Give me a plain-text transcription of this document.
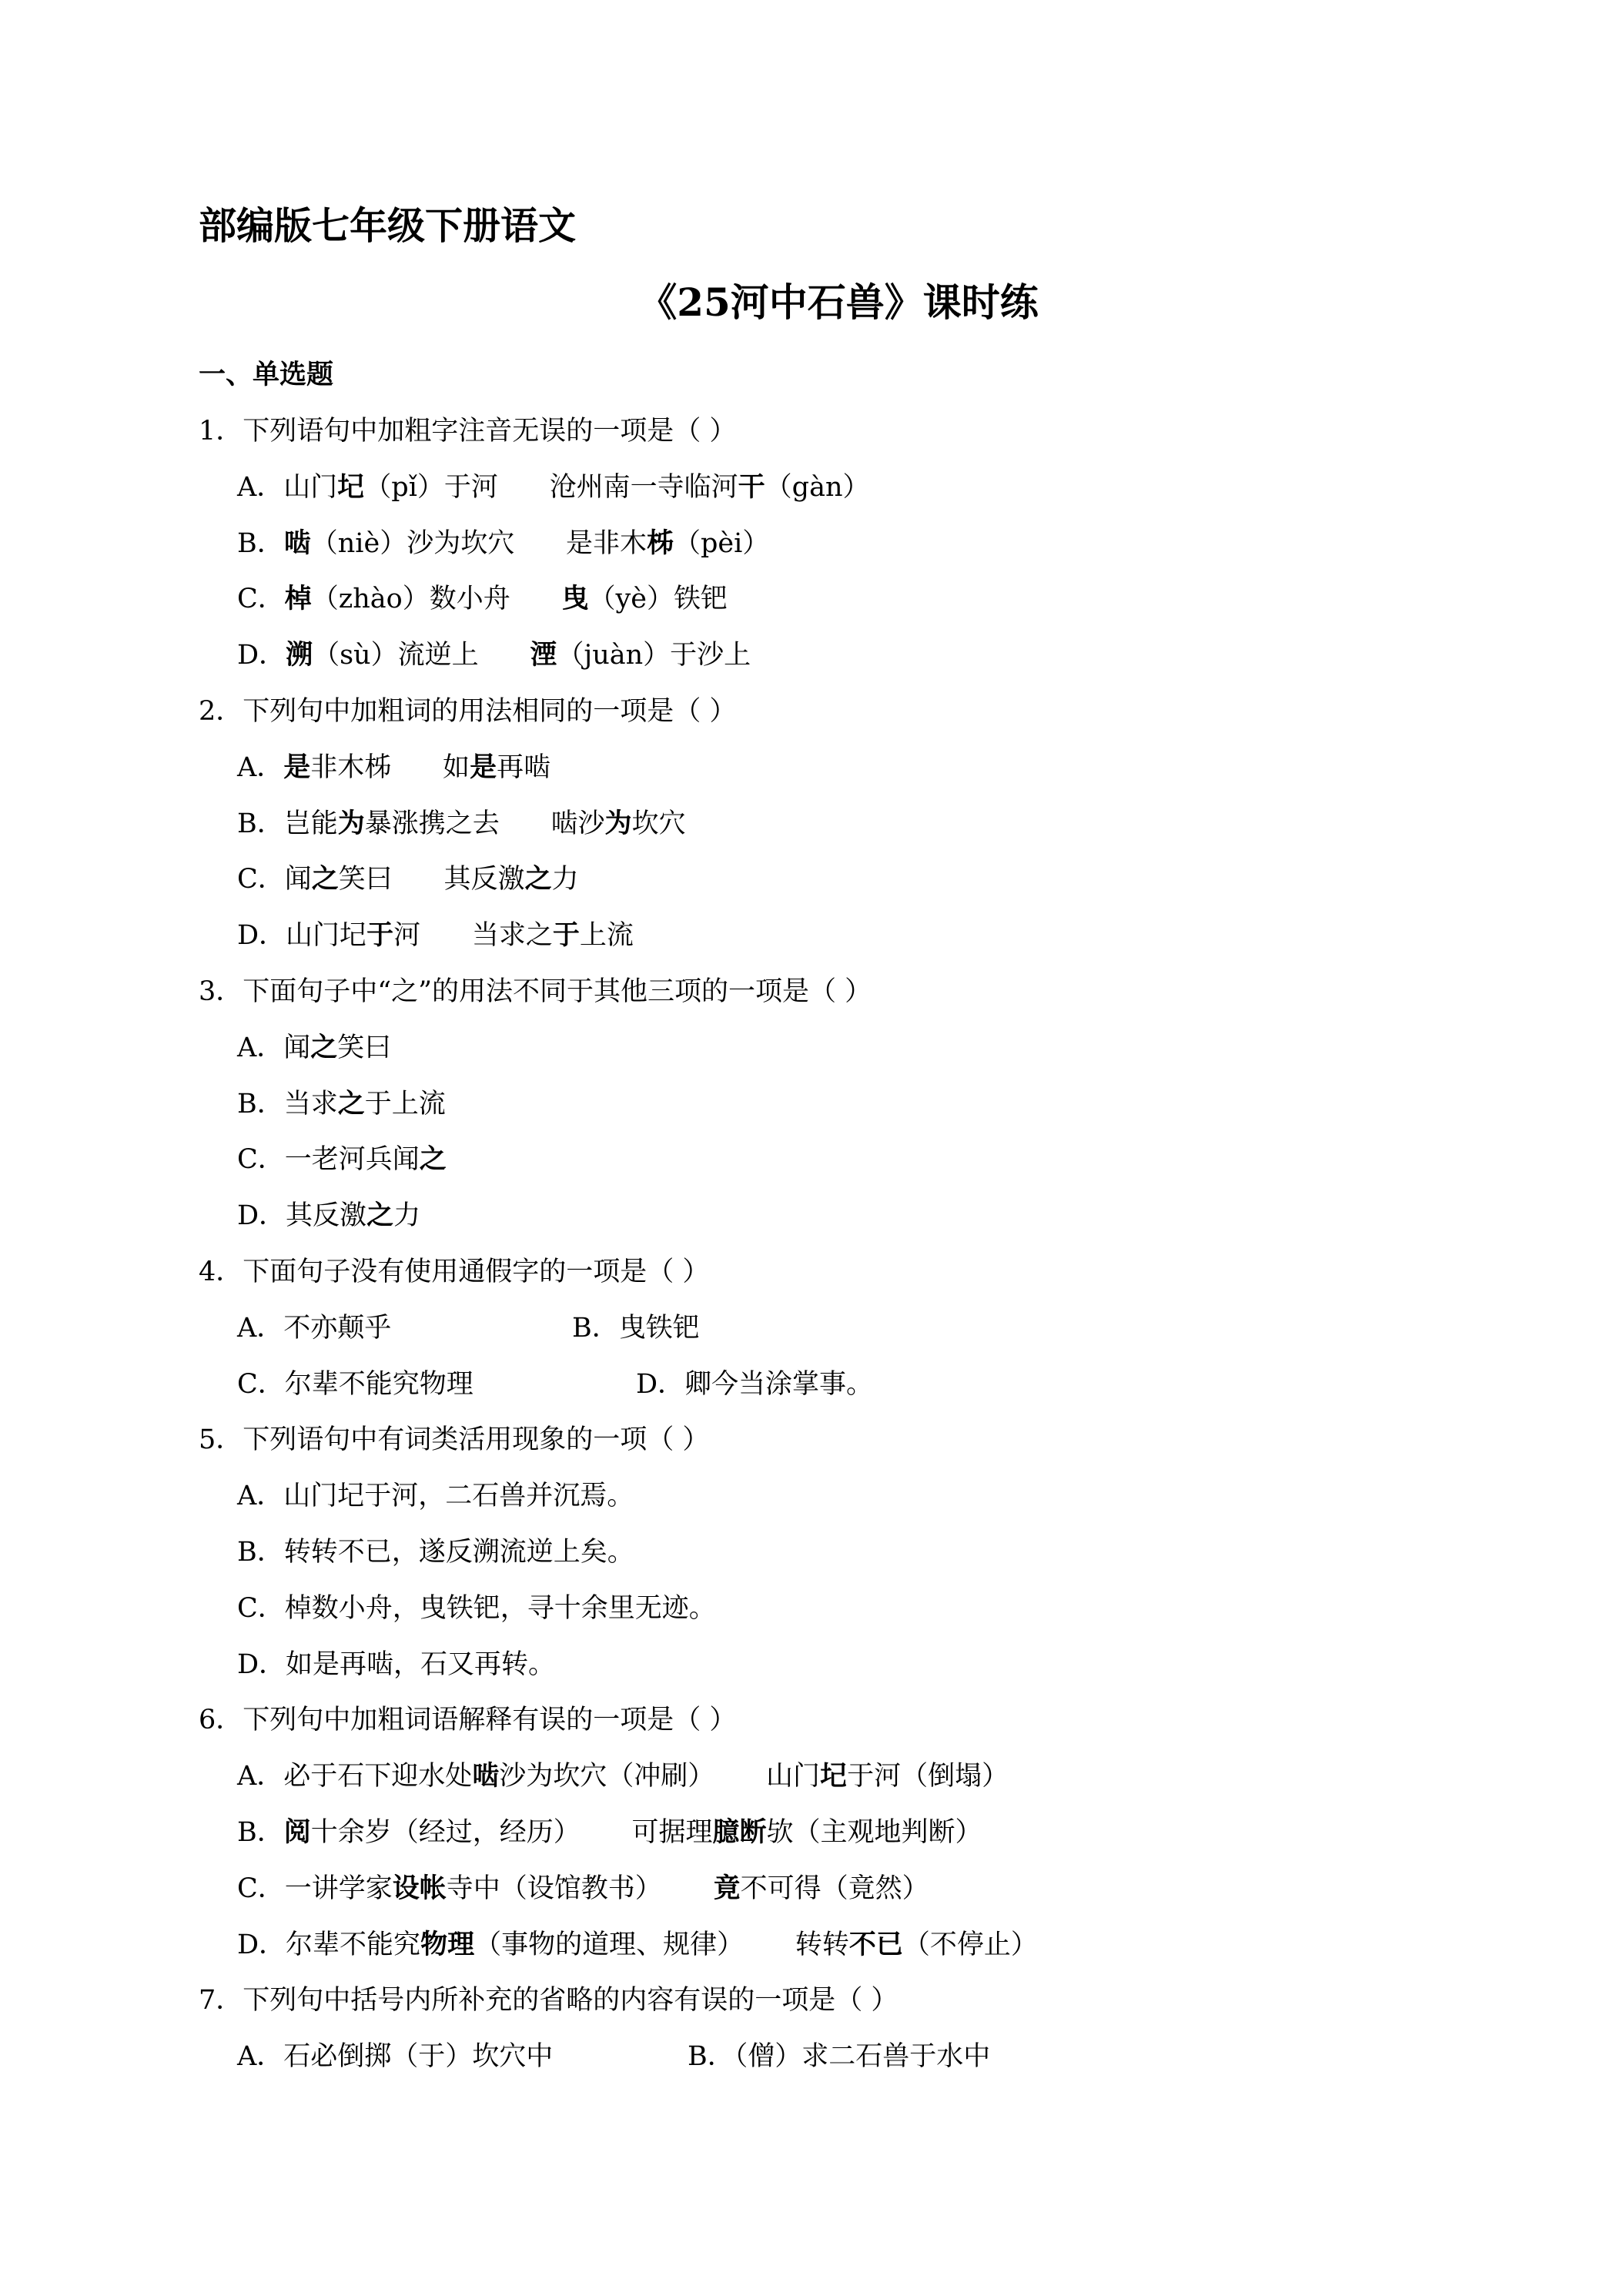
部编版七年级下册语文
《25河中石兽》课时练
一、单选题
1．下列语句中加粗字注音无误的一项是（ ）
A．山门圮（pǐ）于河      沧州南一寺临河干（gàn）
B．啮（niè）沙为坎穴      是非木柹（pèi）
C．棹（zhào）数小舟      曳（yè）铁钯
D．溯（sù）流逆上      湮（juàn）于沙上
2．下列句中加粗词的用法相同的一项是（ ）
A．是非木柹      如是再啮
B．岂能为暴涨携之去      啮沙为坎穴
C．闻之笑曰      其反激之力
D．山门圮于河      当求之于上流
3．下面句子中“之”的用法不同于其他三项的一项是（ ）
A．闻之笑曰
B．当求之于上流
C．一老河兵闻之
D．其反激之力
4．下面句子没有使用通假字的一项是（ ）
A．不亦颠乎	B．曳铁钯
C．尔辈不能究物理	D．卿今当涂掌事。
5．下列语句中有词类活用现象的一项（ ）
A．山门圮于河，二石兽并沉焉。
B．转转不已，遂反溯流逆上矣。
C．棹数小舟，曳铁钯，寻十余里无迹。
D．如是再啮，石又再转。
6．下列句中加粗词语解释有误的一项是（ ）
A．必于石下迎水处啮沙为坎穴（冲刷）      山门圮于河（倒塌）
B．阅十余岁（经过，经历）      可据理臆断欤（主观地判断）
C．一讲学家设帐寺中（设馆教书）      竟不可得（竟然）
D．尔辈不能究物理（事物的道理、规律）      转转不已（不停止）
7．下列句中括号内所补充的省略的内容有误的一项是（ ）
A．石必倒掷（于）坎穴中	B．（僧）求二石兽于水中
